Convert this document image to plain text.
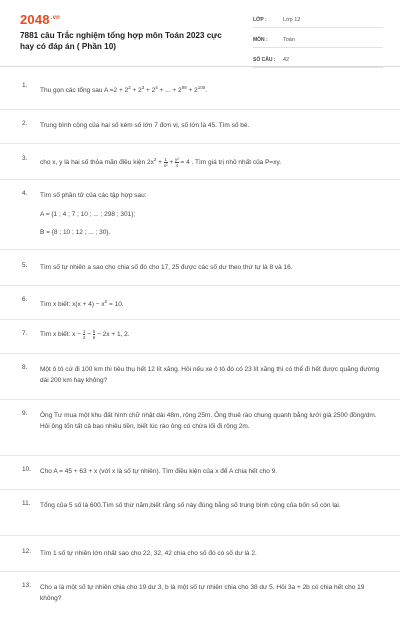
$2048^{.vn}$
7881 câu Trắc nghiệm tổng hợp môn Toán 2023 cực hay có đáp án ( Phần 10)
LỚP :	Lớp 12
MÔN :	Toán
SỐ CÂU :	42
1.
Thu gọn các tổng sau $A =2 + 2^2 + 2^3 + 2^4$ + ... + $2^{99} + 2^{100}$.
2. Trung bình cộng của hai số kém số lớn 7 đơn vị, số lớn là 45. Tìm số bé.
3.
cho x, y là hai số thỏa mãn điều kiện $2x^2 + \frac{1}{\text{x²}} + \frac{\text{y²}}{4} = 4$ . Tìm giá trị nhỏ nhất của P=xy.
4. Tìm số phần tử của các tập hợp sau:
A = {1 ; 4 ; 7 ; 10 ; ... ; 298 ; 301};
B = {8 ; 10 ; 12 ; ... ; 30}.
5. Tìm số tự nhiên a sao cho chia số đó cho 17, 25 được các số dư theo thứ tự là 8 và 16.
6.
Tìm x biết: $x(x + 4) - x^2 = 10$.
7. Tìm x biết: $x - \frac{1}{2} - \frac{5}{6} - 2x + 1$, 2.
8. Một ô tô cứ đi 100 km thì tiêu thụ hết 12 lít xăng. Hỏi nếu xe ô tô đó có 23 lít xăng thì có thể đi hết được quãng đường dài 200 km hay không?
9. Ông Tư mua một khu đất hình chữ nhật dài 48m, rộng 25m. Ông thuê rào chung quanh bằng lưới giá 2500 đồng/dm. Hỏi ông tốn tất cả bao nhiêu tiền, biết lúc rào ông có chừa lối đi rộng 2m.
10. Cho A = 45 + 63 + x (với x là số tự nhiên). Tìm điều kiện của x để A chia hết cho 9.
11. Tổng của 5 số là 600.Tìm số thứ năm,biết rằng số này đúng bằng số trung bình cộng của bốn số còn lại.
12. Tìm 1 số tự nhiên lớn nhất sao cho 22, 32, 42 chia cho số đó có số dư là 2.
13. Cho a là một số tự nhiên chia cho 19 dư 3, b là một số tự nhiên chia cho 38 dư 5. Hỏi 3a + 2b có chia hết cho 19 không?
